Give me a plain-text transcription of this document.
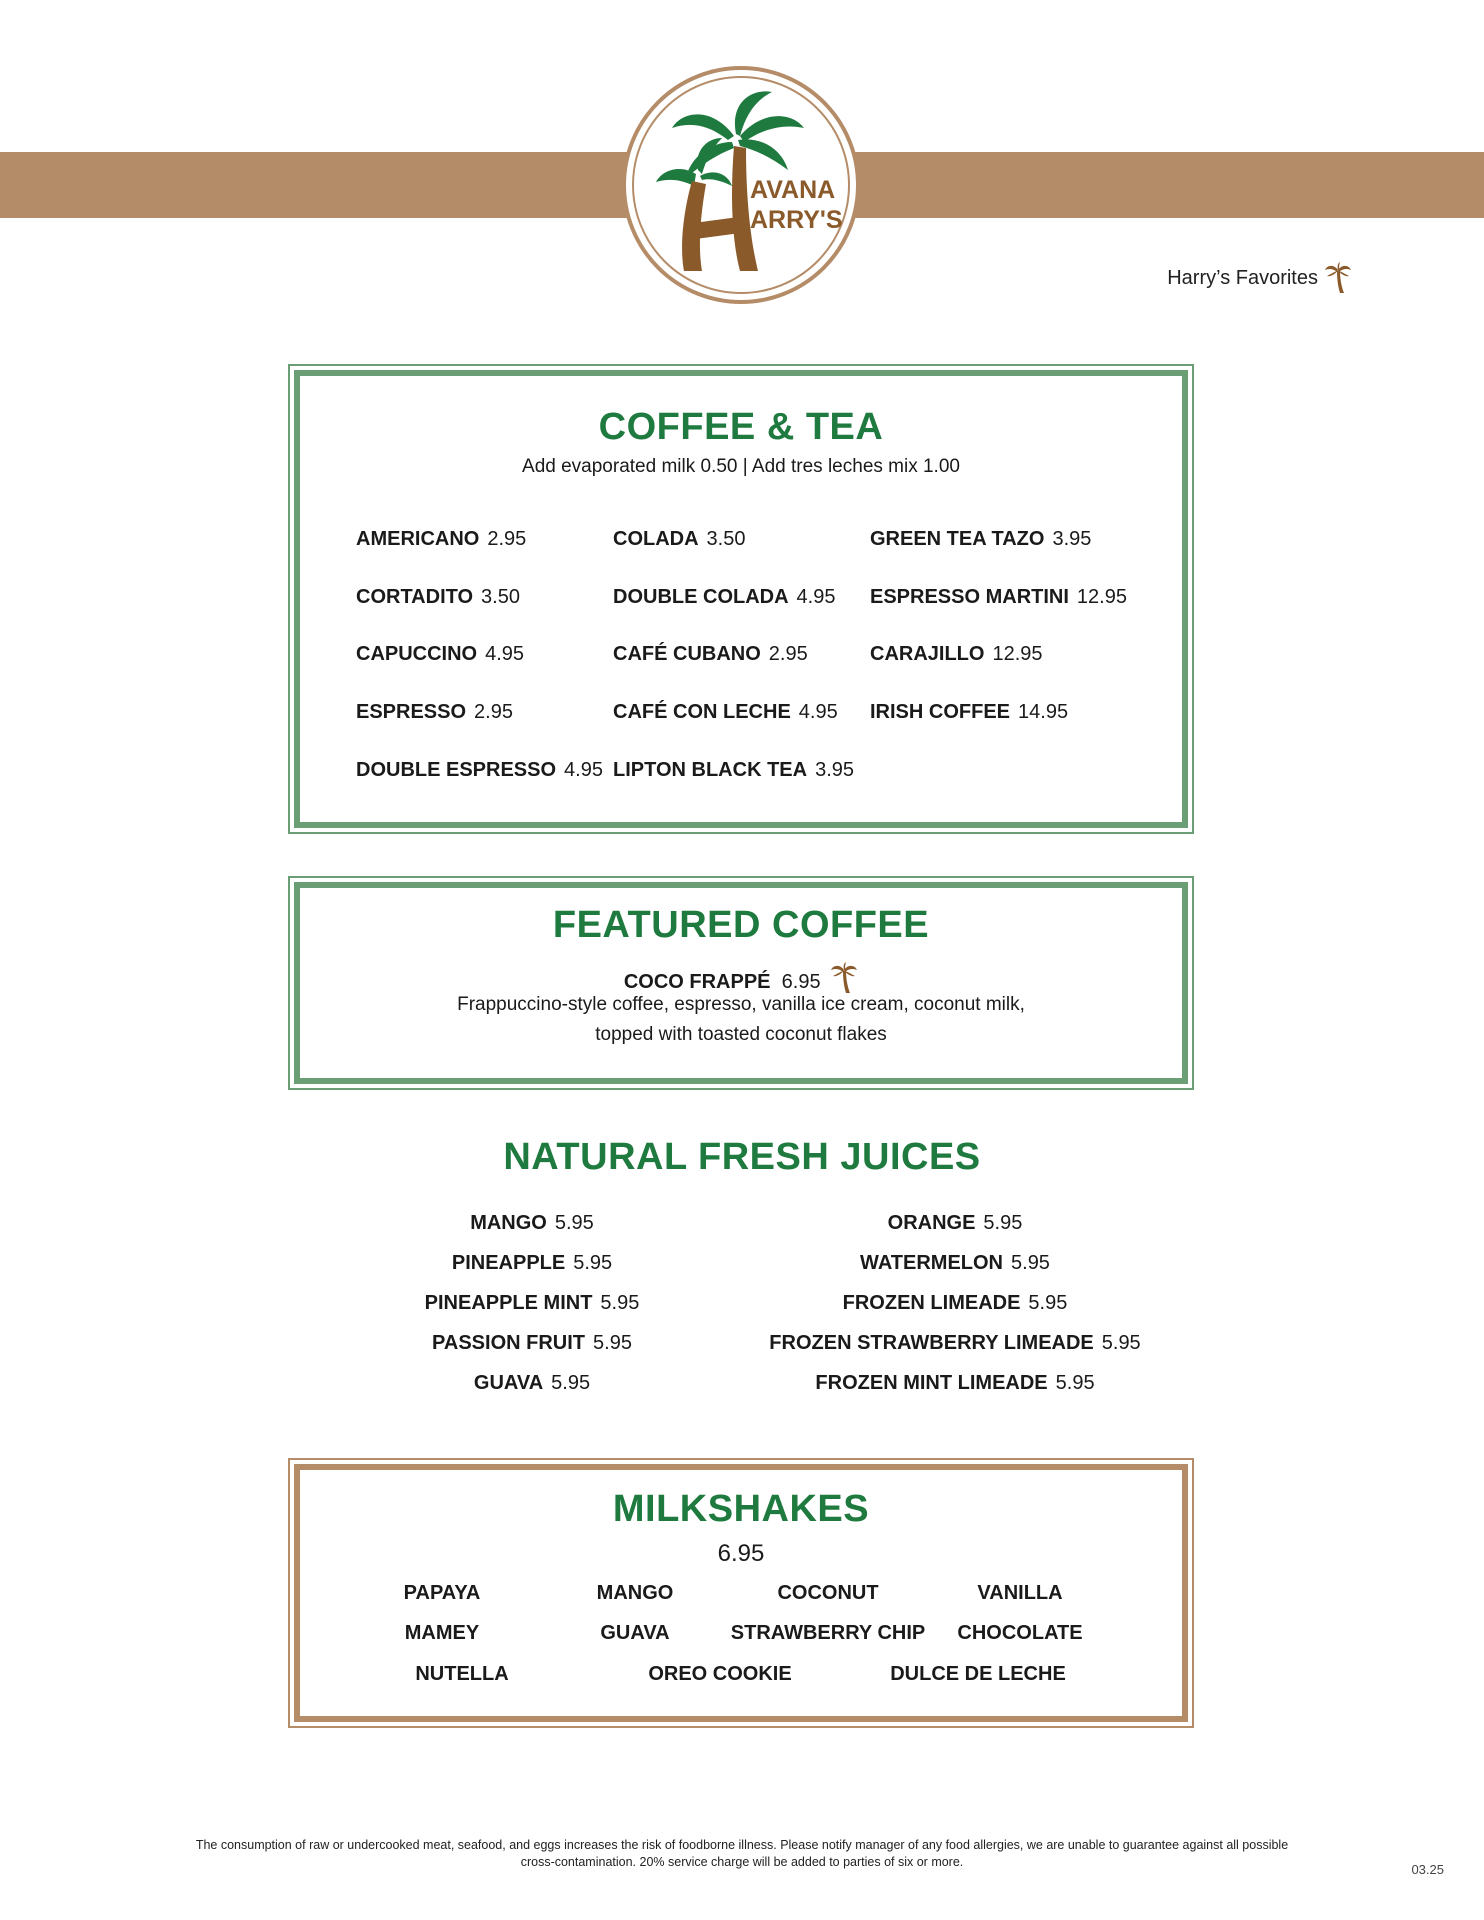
AVANA
ARRY'S
Harry’s Favorites
COFFEE & TEA
Add evaporated milk 0.50 | Add tres leches mix 1.00
AMERICANO 2.95
CORTADITO 3.50
CAPUCCINO 4.95
ESPRESSO 2.95
DOUBLE ESPRESSO 4.95
COLADA 3.50
DOUBLE COLADA 4.95
CAFÉ CUBANO 2.95
CAFÉ CON LECHE 4.95
LIPTON BLACK TEA 3.95
GREEN TEA TAZO 3.95
ESPRESSO MARTINI 12.95
CARAJILLO 12.95
IRISH COFFEE 14.95
FEATURED COFFEE
COCO FRAPPÉ 6.95
Frappuccino-style coffee, espresso, vanilla ice cream, coconut milk,
topped with toasted coconut flakes
NATURAL FRESH JUICES
MANGO 5.95
PINEAPPLE 5.95
PINEAPPLE MINT 5.95
PASSION FRUIT 5.95
GUAVA 5.95
ORANGE 5.95
WATERMELON 5.95
FROZEN LIMEADE 5.95
FROZEN STRAWBERRY LIMEADE 5.95
FROZEN MINT LIMEADE 5.95
MILKSHAKES
6.95
PAPAYA	MANGO	COCONUT	VANILLA
MAMEY	GUAVA	STRAWBERRY CHIP CHOCOLATE
NUTELLA	OREO COOKIE	DULCE DE LECHE
The consumption of raw or undercooked meat, seafood, and eggs increases the risk of foodborne illness. Please notify manager of any food allergies, we are unable to guarantee against all possible
cross-contamination. 20% service charge will be added to parties of six or more.	03.25
